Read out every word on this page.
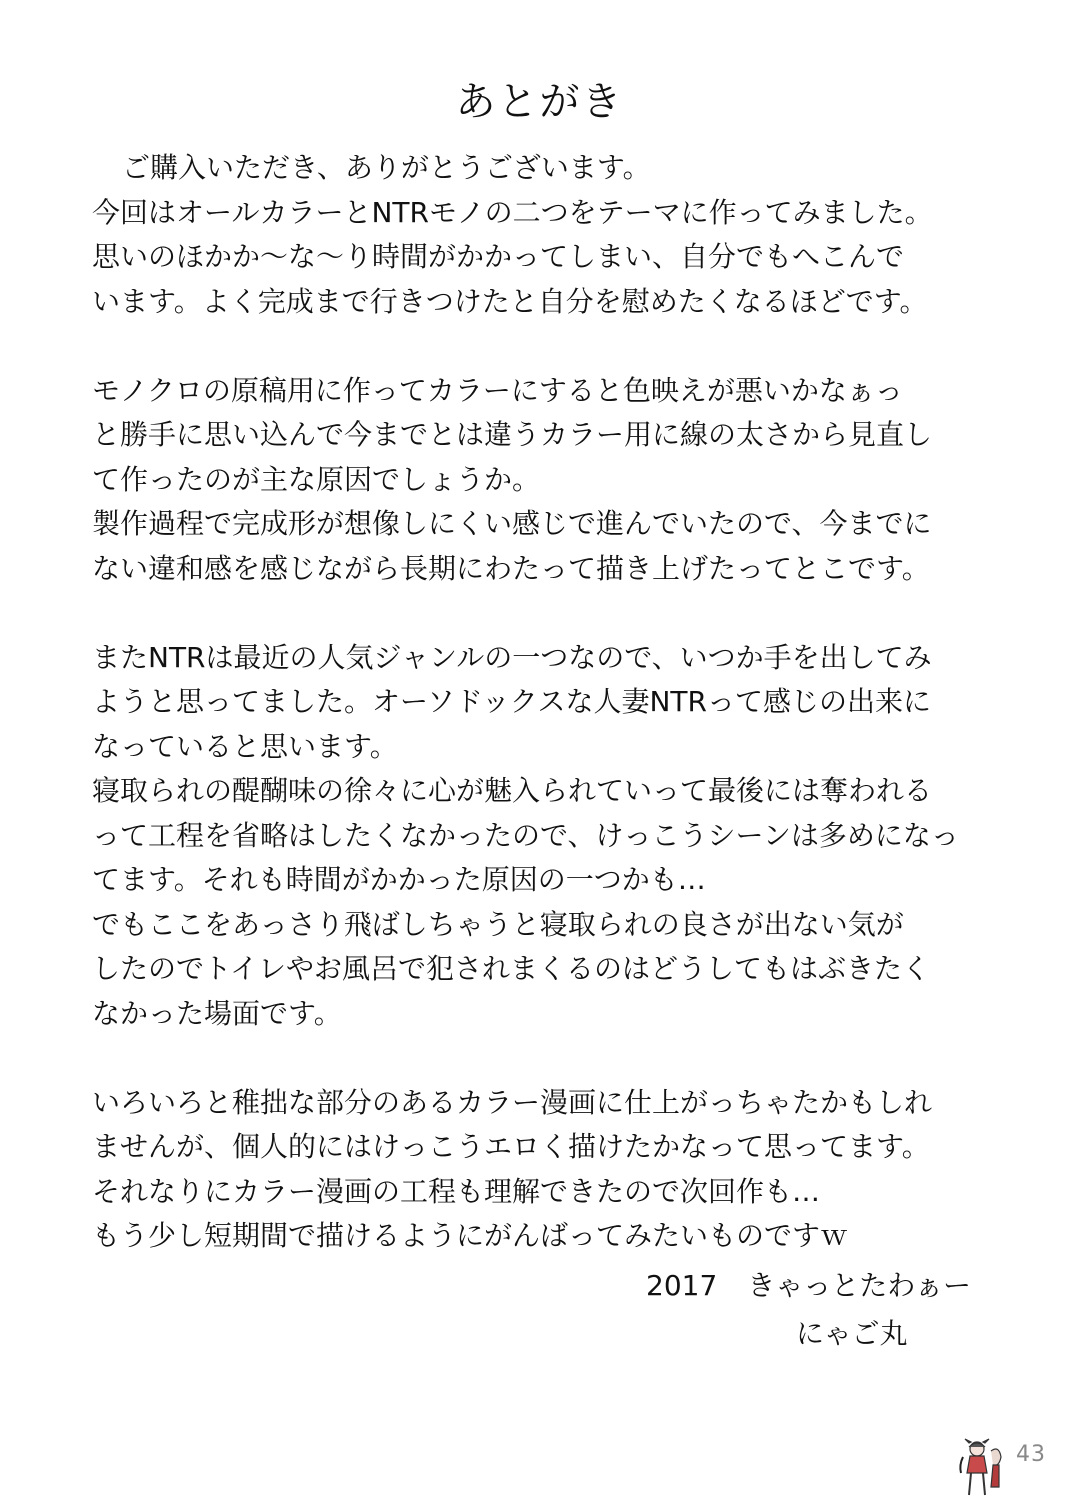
あとがき
ご購入いただき、ありがとうございます。
今回はオールカラーとNTRモノの二つをテーマに作ってみました。
思いのほかか～な～り時間がかかってしまい、自分でもへこんで
います。よく完成まで行きつけたと自分を慰めたくなるほどです。
モノクロの原稿用に作ってカラーにすると色映えが悪いかなぁっ
と勝手に思い込んで今までとは違うカラー用に線の太さから見直し
て作ったのが主な原因でしょうか。
製作過程で完成形が想像しにくい感じで進んでいたので、今までに
ない違和感を感じながら長期にわたって描き上げたってとこです。
またNTRは最近の人気ジャンルの一つなので、いつか手を出してみ
ようと思ってました。オーソドックスな人妻NTRって感じの出来に
なっていると思います。
寝取られの醍醐味の徐々に心が魅入られていって最後には奪われる
って工程を省略はしたくなかったので、けっこうシーンは多めになっ
てます。それも時間がかかった原因の一つかも…
でもここをあっさり飛ばしちゃうと寝取られの良さが出ない気が
したのでトイレやお風呂で犯されまくるのはどうしてもはぶきたく
なかった場面です。
いろいろと稚拙な部分のあるカラー漫画に仕上がっちゃたかもしれ
ませんが、個人的にはけっこうエロく描けたかなって思ってます。
それなりにカラー漫画の工程も理解できたので次回作も…
もう少し短期間で描けるようにがんばってみたいものですｗ
2017 きゃっとたわぁー
にゃご丸
43
